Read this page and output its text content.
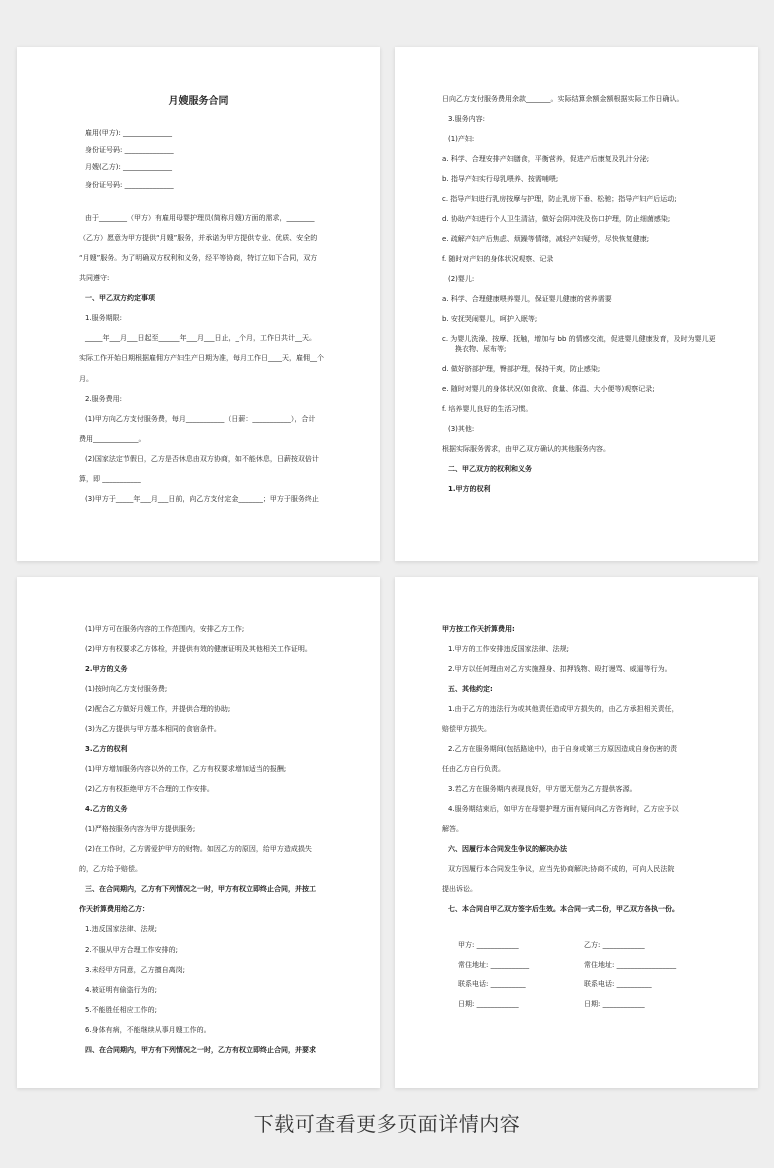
月嫂服务合同
雇用(甲方): ______________
身份证号码: ______________
月嫂(乙方): ______________
身份证号码: ______________
由于________（甲方）有雇用母婴护理员(简称月嫂)方面的需求，________
（乙方）愿意为甲方提供“月嫂”服务，并承诺为甲方提供专业、优质、安全的
“月嫂”服务。为了明确双方权利和义务，经平等协商，特订立如下合同，双方
共同遵守:
一、甲乙双方约定事项
1.服务期限:
_____年___月___日起至______年___月___日止，_个月，工作日共计__天。
实际工作开始日期根据雇佣方产妇生产日期为准，每月工作日____天，雇佣__个
月。
2.服务费用:
(1)甲方向乙方支付服务费，每月___________（日薪：___________），合计
费用_____________。
(2)国家法定节假日，乙方是否休息由双方协商，如不能休息，日薪按双倍计
算，即 ___________
(3)甲方于_____年___月___日前，向乙方支付定金_______；甲方于服务终止
日向乙方支付服务费用余款_______。实际结算余额金额根据实际工作日确认。
3.服务内容:
(1)产妇:
a. 科学、合理安排产妇膳食，平衡营养，促进产后康复及乳汁分泌;
b. 指导产妇实行母乳喂养、按需哺喂;
c. 指导产妇进行乳房按摩与护理，防止乳房下垂、松驰；指导产妇产后运动;
d. 协助产妇进行个人卫生清洁，做好会阴冲洗及伤口护理，防止细菌感染;
e. 疏解产妇产后焦虑、烦躁等情绪，减轻产妇疑劳，尽快恢复健康;
f. 随时对产妇的身体状况观察、记录
(2)婴儿:
a. 科学、合理健康喂养婴儿，保证婴儿健康的营养需要
b. 安抚哭闹婴儿，呵护入眠等;
c. 为婴儿洗澡、按摩、抚触，增加与 bb 的情感交流，促进婴儿健康发育，及时为婴儿更换衣物、尿布等;
d. 做好脐部护理，臀部护理，保持干爽，防止感染;
e. 随时对婴儿的身体状况(如食欲、食量、体温、大小便等)观察记录;
f. 培养婴儿良好的生活习惯。
(3)其他:
根据实际服务需求，由甲乙双方确认的其他服务内容。
二、甲乙双方的权利和义务
1.甲方的权利
(1)甲方可在服务内容的工作范围内，安排乙方工作;
(2)甲方有权要求乙方体检，并提供有效的健康证明及其他相关工作证明。
2.甲方的义务
(1)按时向乙方支付服务费;
(2)配合乙方做好月嫂工作，并提供合理的协助;
(3)为乙方提供与甲方基本相同的食宿条件。
3.乙方的权利
(1)甲方增加服务内容以外的工作，乙方有权要求增加适当的报酬;
(2)乙方有权拒绝甲方不合理的工作安排。
4.乙方的义务
(1)严格按服务内容为甲方提供服务;
(2)在工作时，乙方需爱护甲方的财物。如因乙方的原因，给甲方造成损失
的，乙方给予赔偿。
三、在合同期内，乙方有下列情况之一时，甲方有权立即终止合同，并按工
作天折算费用给乙方：
1.违反国家法律、法规;
2.不服从甲方合理工作安排的;
3.未经甲方同意，乙方擅自离岗;
4.被证明有偷盗行为的;
5.不能胜任相应工作的;
6.身体有病，不能继续从事月嫂工作的。
四、在合同期内，甲方有下列情况之一时，乙方有权立即终止合同，并要求
甲方按工作天折算费用:
1.甲方的工作安排违反国家法律、法规;
2.甲方以任何理由对乙方实施搜身、扣押钱物、殴打谩骂、威逼等行为。
五、其他约定:
1.由于乙方的违法行为或其他责任造成甲方损失的，由乙方承担相关责任，
赔偿甲方损失。
2.乙方在服务期间(包括路途中)，由于自身或第三方原因造成自身伤害的责
任由乙方自行负责。
3.若乙方在服务期内表现良好，甲方愿无偿为乙方提供客源。
4.服务期结束后，如甲方在母婴护理方面有疑问向乙方咨询时，乙方应予以
解答。
六、因履行本合同发生争议的解决办法
双方因履行本合同发生争议，应当先协商解决;协商不成的，可向人民法院
提出诉讼。
七、本合同自甲乙双方签字后生效。本合同一式二份，甲乙双方各执一份。
甲方: ____________	乙方: ____________
常住地址: ___________	常住地址: _________________
联系电话: __________	联系电话: __________
日期: ____________	日期: ____________
下载可查看更多页面详情内容
